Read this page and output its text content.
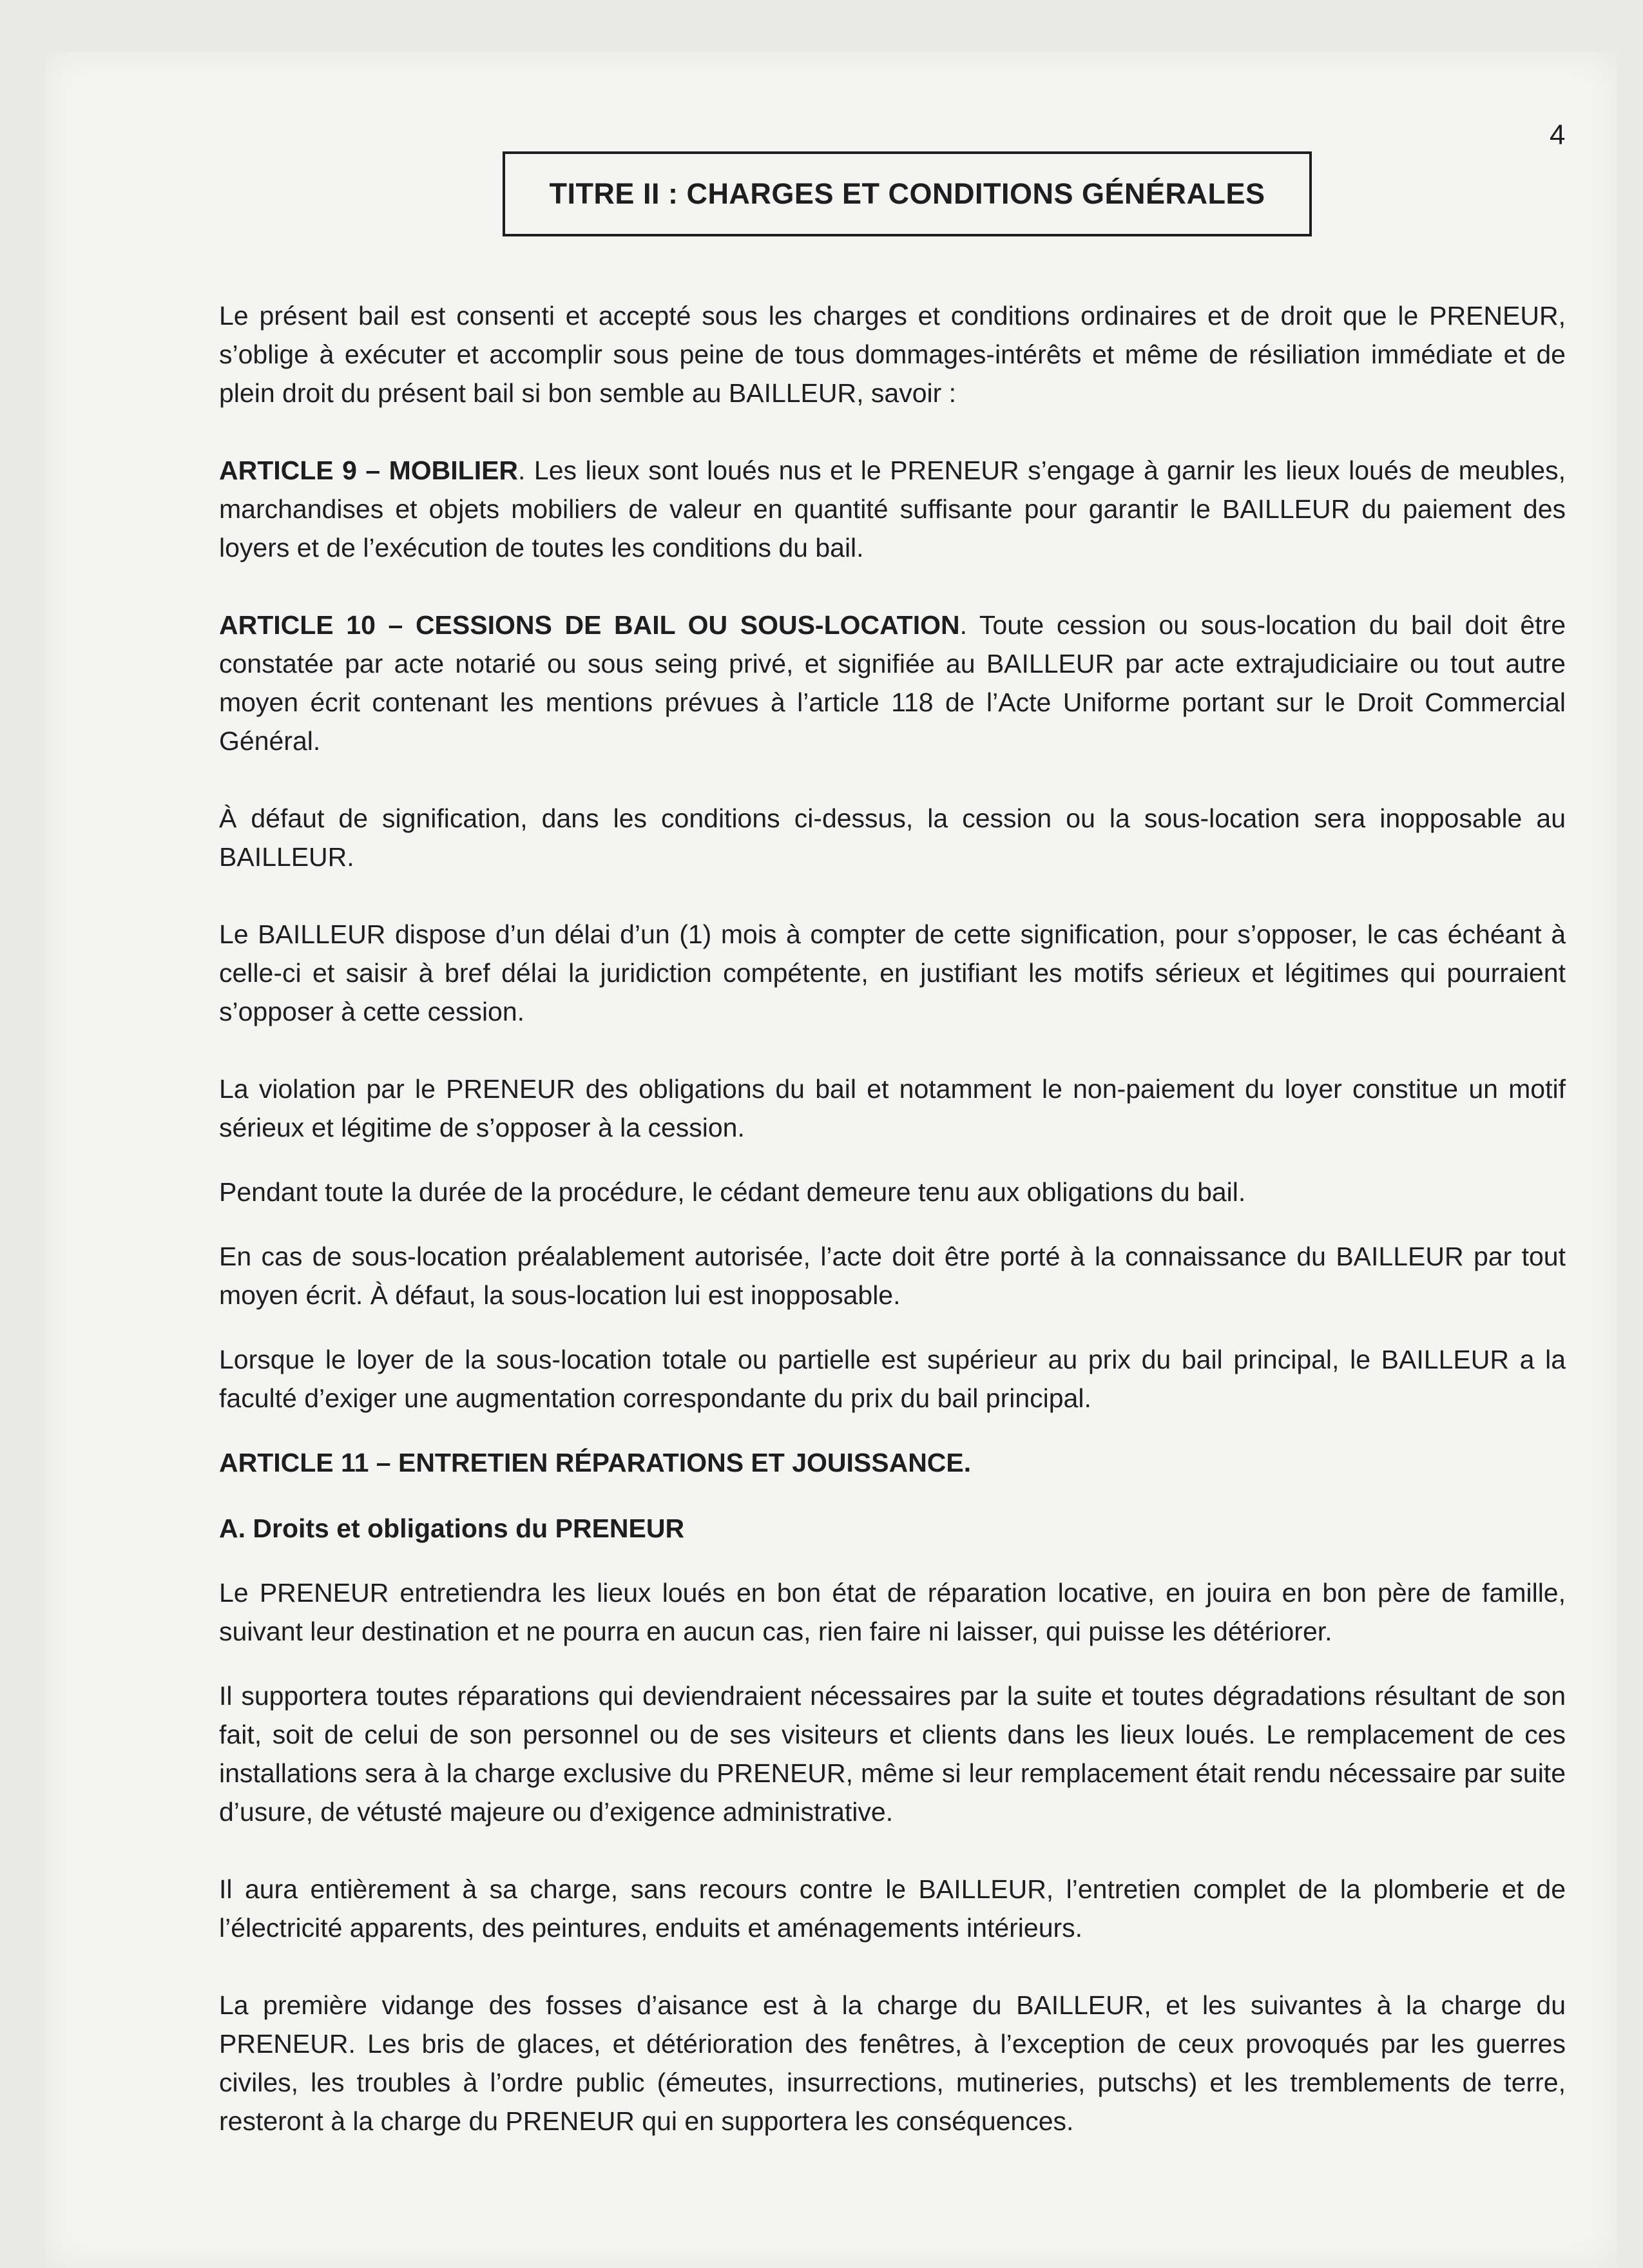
4
TITRE II : CHARGES ET CONDITIONS GÉNÉRALES

Le présent bail est consenti et accepté sous les charges et conditions ordinaires et de droit que le PRENEUR, s’oblige à exécuter et accomplir sous peine de tous dommages-intérêts et même de résiliation immédiate et de plein droit du présent bail si bon semble au BAILLEUR, savoir :

ARTICLE 9 – MOBILIER. Les lieux sont loués nus et le PRENEUR s’engage à garnir les lieux loués de meubles, marchandises et objets mobiliers de valeur en quantité suffisante pour garantir le BAILLEUR du paiement des loyers et de l’exécution de toutes les conditions du bail.

ARTICLE 10 – CESSIONS DE BAIL OU SOUS-LOCATION. Toute cession ou sous-location du bail doit être constatée par acte notarié ou sous seing privé, et signifiée au BAILLEUR par acte extrajudiciaire ou tout autre moyen écrit contenant les mentions prévues à l’article 118 de l’Acte Uniforme portant sur le Droit Commercial Général.

À défaut de signification, dans les conditions ci-dessus, la cession ou la sous-location sera inopposable au BAILLEUR.

Le BAILLEUR dispose d’un délai d’un (1) mois à compter de cette signification, pour s’opposer, le cas échéant à celle-ci et saisir à bref délai la juridiction compétente, en justifiant les motifs sérieux et légitimes qui pourraient s’opposer à cette cession.

La violation par le PRENEUR des obligations du bail et notamment le non-paiement du loyer constitue un motif sérieux et légitime de s’opposer à la cession.

Pendant toute la durée de la procédure, le cédant demeure tenu aux obligations du bail.

En cas de sous-location préalablement autorisée, l’acte doit être porté à la connaissance du BAILLEUR par tout moyen écrit. À défaut, la sous-location lui est inopposable.

Lorsque le loyer de la sous-location totale ou partielle est supérieur au prix du bail principal, le BAILLEUR a la faculté d’exiger une augmentation correspondante du prix du bail principal.

ARTICLE 11 – ENTRETIEN RÉPARATIONS ET JOUISSANCE.
A. Droits et obligations du PRENEUR

Le PRENEUR entretiendra les lieux loués en bon état de réparation locative, en jouira en bon père de famille, suivant leur destination et ne pourra en aucun cas, rien faire ni laisser, qui puisse les détériorer.

Il supportera toutes réparations qui deviendraient nécessaires par la suite et toutes dégradations résultant de son fait, soit de celui de son personnel ou de ses visiteurs et clients dans les lieux loués. Le remplacement de ces installations sera à la charge exclusive du PRENEUR, même si leur remplacement était rendu nécessaire par suite d’usure, de vétusté majeure ou d’exigence administrative.

Il aura entièrement à sa charge, sans recours contre le BAILLEUR, l’entretien complet de la plomberie et de l’électricité apparents, des peintures, enduits et aménagements intérieurs.

La première vidange des fosses d’aisance est à la charge du BAILLEUR, et les suivantes à la charge du PRENEUR. Les bris de glaces, et détérioration des fenêtres, à l’exception de ceux provoqués par les guerres civiles, les troubles à l’ordre public (émeutes, insurrections, mutineries, putschs) et les tremblements de terre, resteront à la charge du PRENEUR qui en supportera les conséquences.
